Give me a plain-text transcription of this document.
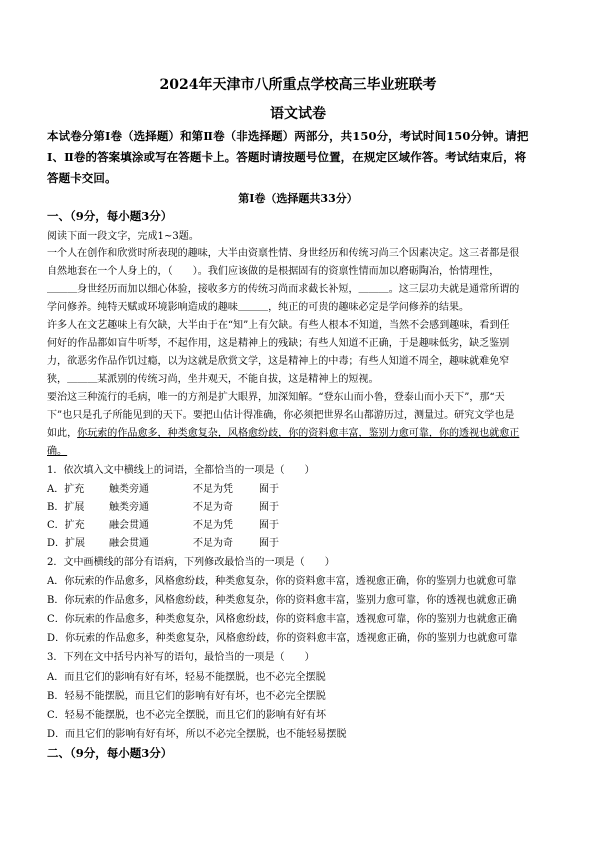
2024年天津市八所重点学校高三毕业班联考
语文试卷
本试卷分第Ⅰ卷（选择题）和第Ⅱ卷（非选择题）两部分，共150分，考试时间150分钟。请把
Ⅰ、Ⅱ卷的答案填涂或写在答题卡上。答题时请按题号位置，在规定区域作答。考试结束后，将
答题卡交回。
第Ⅰ卷（选择题共33分）
一、（9分，每小题3分）
阅读下面一段文字，完成1~3题。
一个人在创作和欣赏时所表现的趣味，大半由资禀性情、身世经历和传统习尚三个因素决定。这三者都是很
自然地套在一个人身上的，（　　）。我们应该做的是根据固有的资禀性情而加以磨砺陶冶，怡情理性，
＿＿＿身世经历而加以细心体验，接收多方的传统习尚而求截长补短，＿＿＿。这三层功夫就是通常所谓的
学问修养。纯特天赋或环境影响造成的趣味＿＿＿，纯正的可贵的趣味必定是学问修养的结果。
许多人在文艺趣味上有欠缺，大半由于在“知”上有欠缺。有些人根本不知道，当然不会感到趣味，看到任
何好的作品都如盲牛听琴，不起作用，这是精神上的残缺；有些人知道不正确，于是趣味低劣，缺乏鉴别
力，欲恶劣作品作饥过瘾，以为这就是欣赏文学，这是精神上的中毒；有些人知道不周全，趣味就难免窄
狭，＿＿＿某派别的传统习尚，坐井观天，不能自拔，这是精神上的短视。
要治这三种流行的毛病，唯一的方剂是扩大眼界，加深知解。“登东山而小鲁，登泰山而小天下”，那“天
下”也只是孔子所能见到的天下。要把山估计得准确，你必须把世界名山都游历过，测量过。研究文学也是
如此，你玩索的作品愈多，种类愈复杂，风格愈纷歧，你的资料愈丰富，鉴别力愈可靠，你的透视也就愈正
确。
1．依次填入文中横线上的词语，全都恰当的一项是（　　）
A．扩充 触类旁通	不足为凭	囿于
B．扩展 触类旁通	不足为奇	囿于
C．扩充 融会贯通	不足为凭	囿于
D．扩展 融会贯通	不足为奇	囿于
2．文中画横线的部分有语病，下列修改最恰当的一项是（　　）
A．你玩索的作品愈多，风格愈纷歧，种类愈复杂，你的资料愈丰富，透视愈正确，你的鉴别力也就愈可靠
B．你玩索的作品愈多，风格愈纷歧，种类愈复杂，你的资料愈丰富，鉴别力愈可靠，你的透视也就愈正确
C．你玩索的作品愈多，种类愈复杂，风格愈纷歧，你的资料愈丰富，透视愈可靠，你的鉴别力也就愈正确
D．你玩索的作品愈多，种类愈复杂，风格愈纷歧，你的资料愈丰富，透视愈正确，你的鉴别力也就愈可靠
3．下列在文中括号内补写的语句，最恰当的一项是（　　）
A．而且它们的影响有好有坏，轻易不能摆脱，也不必完全摆脱
B．轻易不能摆脱，而且它们的影响有好有坏，也不必完全摆脱
C．轻易不能摆脱，也不必完全摆脱，而且它们的影响有好有坏
D．而且它们的影响有好有坏，所以不必完全摆脱，也不能轻易摆脱
二、（9分，每小题3分）
